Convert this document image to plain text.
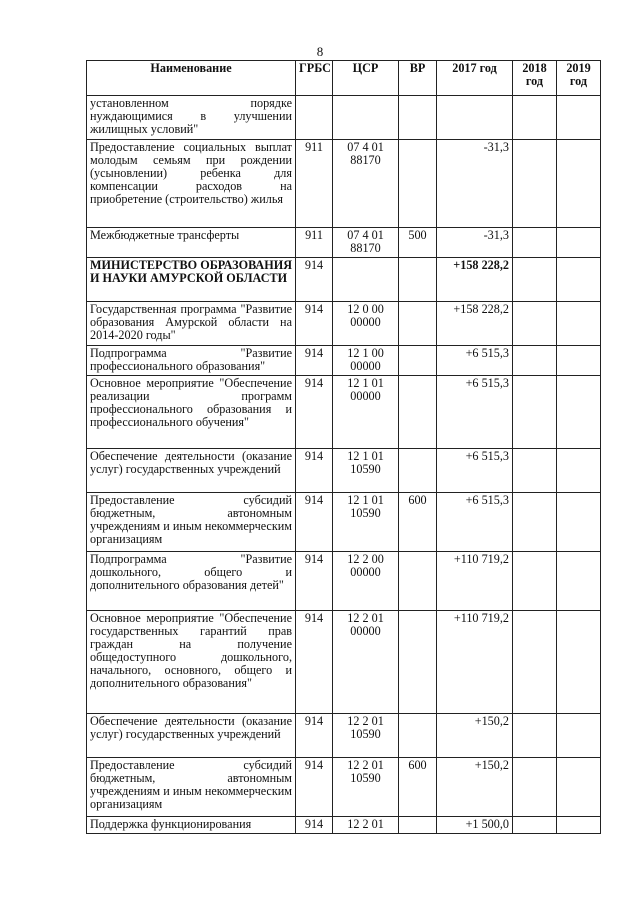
8
Наименование	ГРБС	ЦСР	ВР	2017 год	2018 год	2019 год
установленном порядке нуждающимися в улучшении жилищных условий"						
Предоставление социальных выплат молодым семьям при рождении (усыновлении) ребенка для компенсации расходов на приобретение (строительство) жилья	911	07 4 01 88170		-31,3		
Межбюджетные трансферты	911	07 4 01 88170	500	-31,3		
МИНИСТЕРСТВО ОБРАЗОВАНИЯ И НАУКИ АМУРСКОЙ ОБЛАСТИ	914			+158 228,2		
Государственная программа "Развитие образования Амурской области на 2014-2020 годы"	914	12 0 00 00000		+158 228,2		
Подпрограмма "Развитие профессионального образования"	914	12 1 00 00000		+6 515,3		
Основное мероприятие "Обеспечение реализации программ профессионального образования и профессионального обучения"	914	12 1 01 00000		+6 515,3		
Обеспечение деятельности (оказание услуг) государственных учреждений	914	12 1 01 10590		+6 515,3		
Предоставление субсидий бюджетным, автономным учреждениям и иным некоммерческим организациям	914	12 1 01 10590	600	+6 515,3		
Подпрограмма "Развитие дошкольного, общего и дополнительного образования детей"	914	12 2 00 00000		+110 719,2		
Основное мероприятие "Обеспечение государственных гарантий прав граждан на получение общедоступного дошкольного, начального, основного, общего и дополнительного образования"	914	12 2 01 00000		+110 719,2		
Обеспечение деятельности (оказание услуг) государственных учреждений	914	12 2 01 10590		+150,2		
Предоставление субсидий бюджетным, автономным учреждениям и иным некоммерческим организациям	914	12 2 01 10590	600	+150,2		
Поддержка функционирования	914	12 2 01		+1 500,0		
